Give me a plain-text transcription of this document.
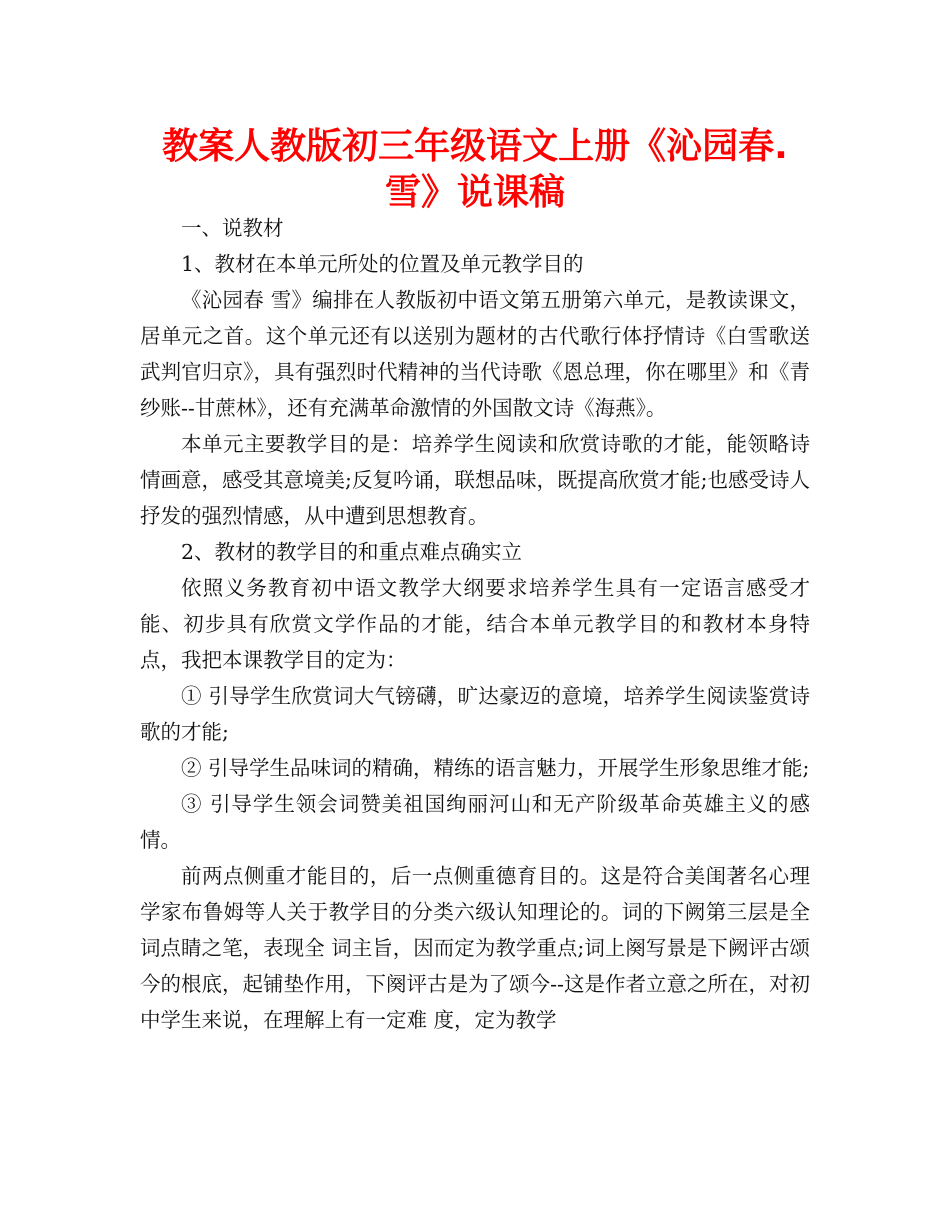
教案人教版初三年级语文上册《沁园春.雪》说课稿

一、说教材

1、教材在本单元所处的位置及单元教学目的

《沁园春 雪》编排在人教版初中语文第五册第六单元，是教读课文，居单元之首。这个单元还有以送别为题材的古代歌行体抒情诗《白雪歌送武判官归京》，具有强烈时代精神的当代诗歌《恩总理，你在哪里》和《青纱账--甘蔗林》，还有充满革命激情的外国散文诗《海燕》。

本单元主要教学目的是：培养学生阅读和欣赏诗歌的才能，能领略诗情画意，感受其意境美;反复吟诵，联想品味，既提高欣赏才能;也感受诗人抒发的强烈情感，从中遭到思想教育。

2、教材的教学目的和重点难点确实立

依照义务教育初中语文教学大纲要求培养学生具有一定语言感受才能、初步具有欣赏文学作品的才能，结合本单元教学目的和教材本身特点，我把本课教学目的定为：

① 引导学生欣赏词大气镑礴，旷达豪迈的意境，培养学生阅读鉴赏诗歌的才能;

② 引导学生品味词的精确，精练的语言魅力，开展学生形象思维才能;

③ 引导学生领会词赞美祖国绚丽河山和无产阶级革命英雄主义的感情。

前两点侧重才能目的，后一点侧重德育目的。这是符合美闺著名心理学家布鲁姆等人关于教学目的分类六级认知理论的。词的下阙第三层是全词点睛之笔，表现全 词主旨，因而定为教学重点;词上阕写景是下阙评古颂今的根底，起铺垫作用，下阕评古是为了颂今--这是作者立意之所在，对初中学生来说，在理解上有一定难 度，定为教学
